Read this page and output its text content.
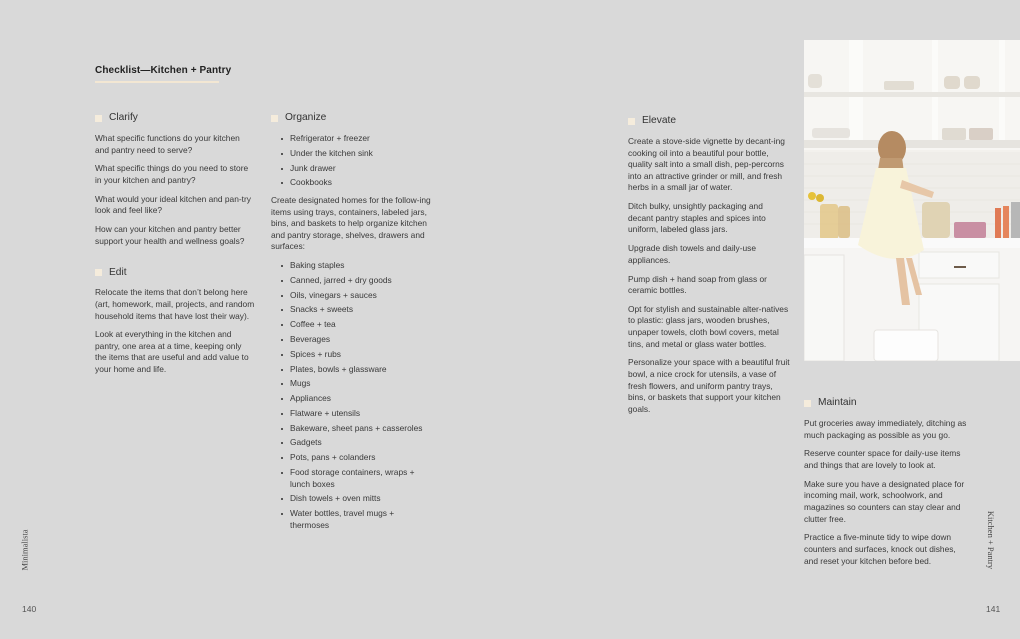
Checklist—Kitchen + Pantry
Clarify

What specific functions do your kitchen and pantry need to serve?

What specific things do you need to store in your kitchen and pantry?

What would your ideal kitchen and pan-try look and feel like?

How can your kitchen and pantry better support your health and wellness goals?

Edit

Relocate the items that don’t belong here (art, homework, mail, projects, and random household items that have lost their way).

Look at everything in the kitchen and pantry, one area at a time, keeping only the items that are useful and add value to your home and life.

Organize
Refrigerator + freezer
Under the kitchen sink
Junk drawer
Cookbooks

Create designated homes for the follow-ing items using trays, containers, labeled jars, bins, and baskets to help organize kitchen and pantry storage, shelves, drawers and surfaces:

Baking staples
Canned, jarred + dry goods
Oils, vinegars + sauces
Snacks + sweets
Coffee + tea
Beverages
Spices + rubs
Plates, bowls + glassware
Mugs
Appliances
Flatware + utensils
Bakeware, sheet pans + casseroles
Gadgets
Pots, pans + colanders
Food storage containers, wraps + lunch boxes
Dish towels + oven mitts
Water bottles, travel mugs + thermoses
Elevate

Create a stove-side vignette by decant-ing cooking oil into a beautiful pour bottle, quality salt into a small dish, pep-percorns into an attractive grinder or mill, and fresh herbs in a small jar of water.

Ditch bulky, unsightly packaging and decant pantry staples and spices into uniform, labeled glass jars.

Upgrade dish towels and daily-use appliances.

Pump dish + hand soap from glass or ceramic bottles.

Opt for stylish and sustainable alter-natives to plastic: glass jars, wooden brushes, unpaper towels, cloth bowl covers, metal tins, and metal or glass water bottles.

Personalize your space with a beautiful fruit bowl, a nice crock for utensils, a vase of fresh flowers, and uniform pantry trays, bins, or baskets that support your kitchen goals.

Maintain

Put groceries away immediately, ditching as much packaging as possible as you go.

Reserve counter space for daily-use items and things that are lovely to look at.

Make sure you have a designated place for incoming mail, work, schoolwork, and magazines so counters can stay clear and clutter free.

Practice a five-minute tidy to wipe down counters and surfaces, knock out dishes, and reset your kitchen before bed.

Minimalista	Kitchen + Pantry
140	141
